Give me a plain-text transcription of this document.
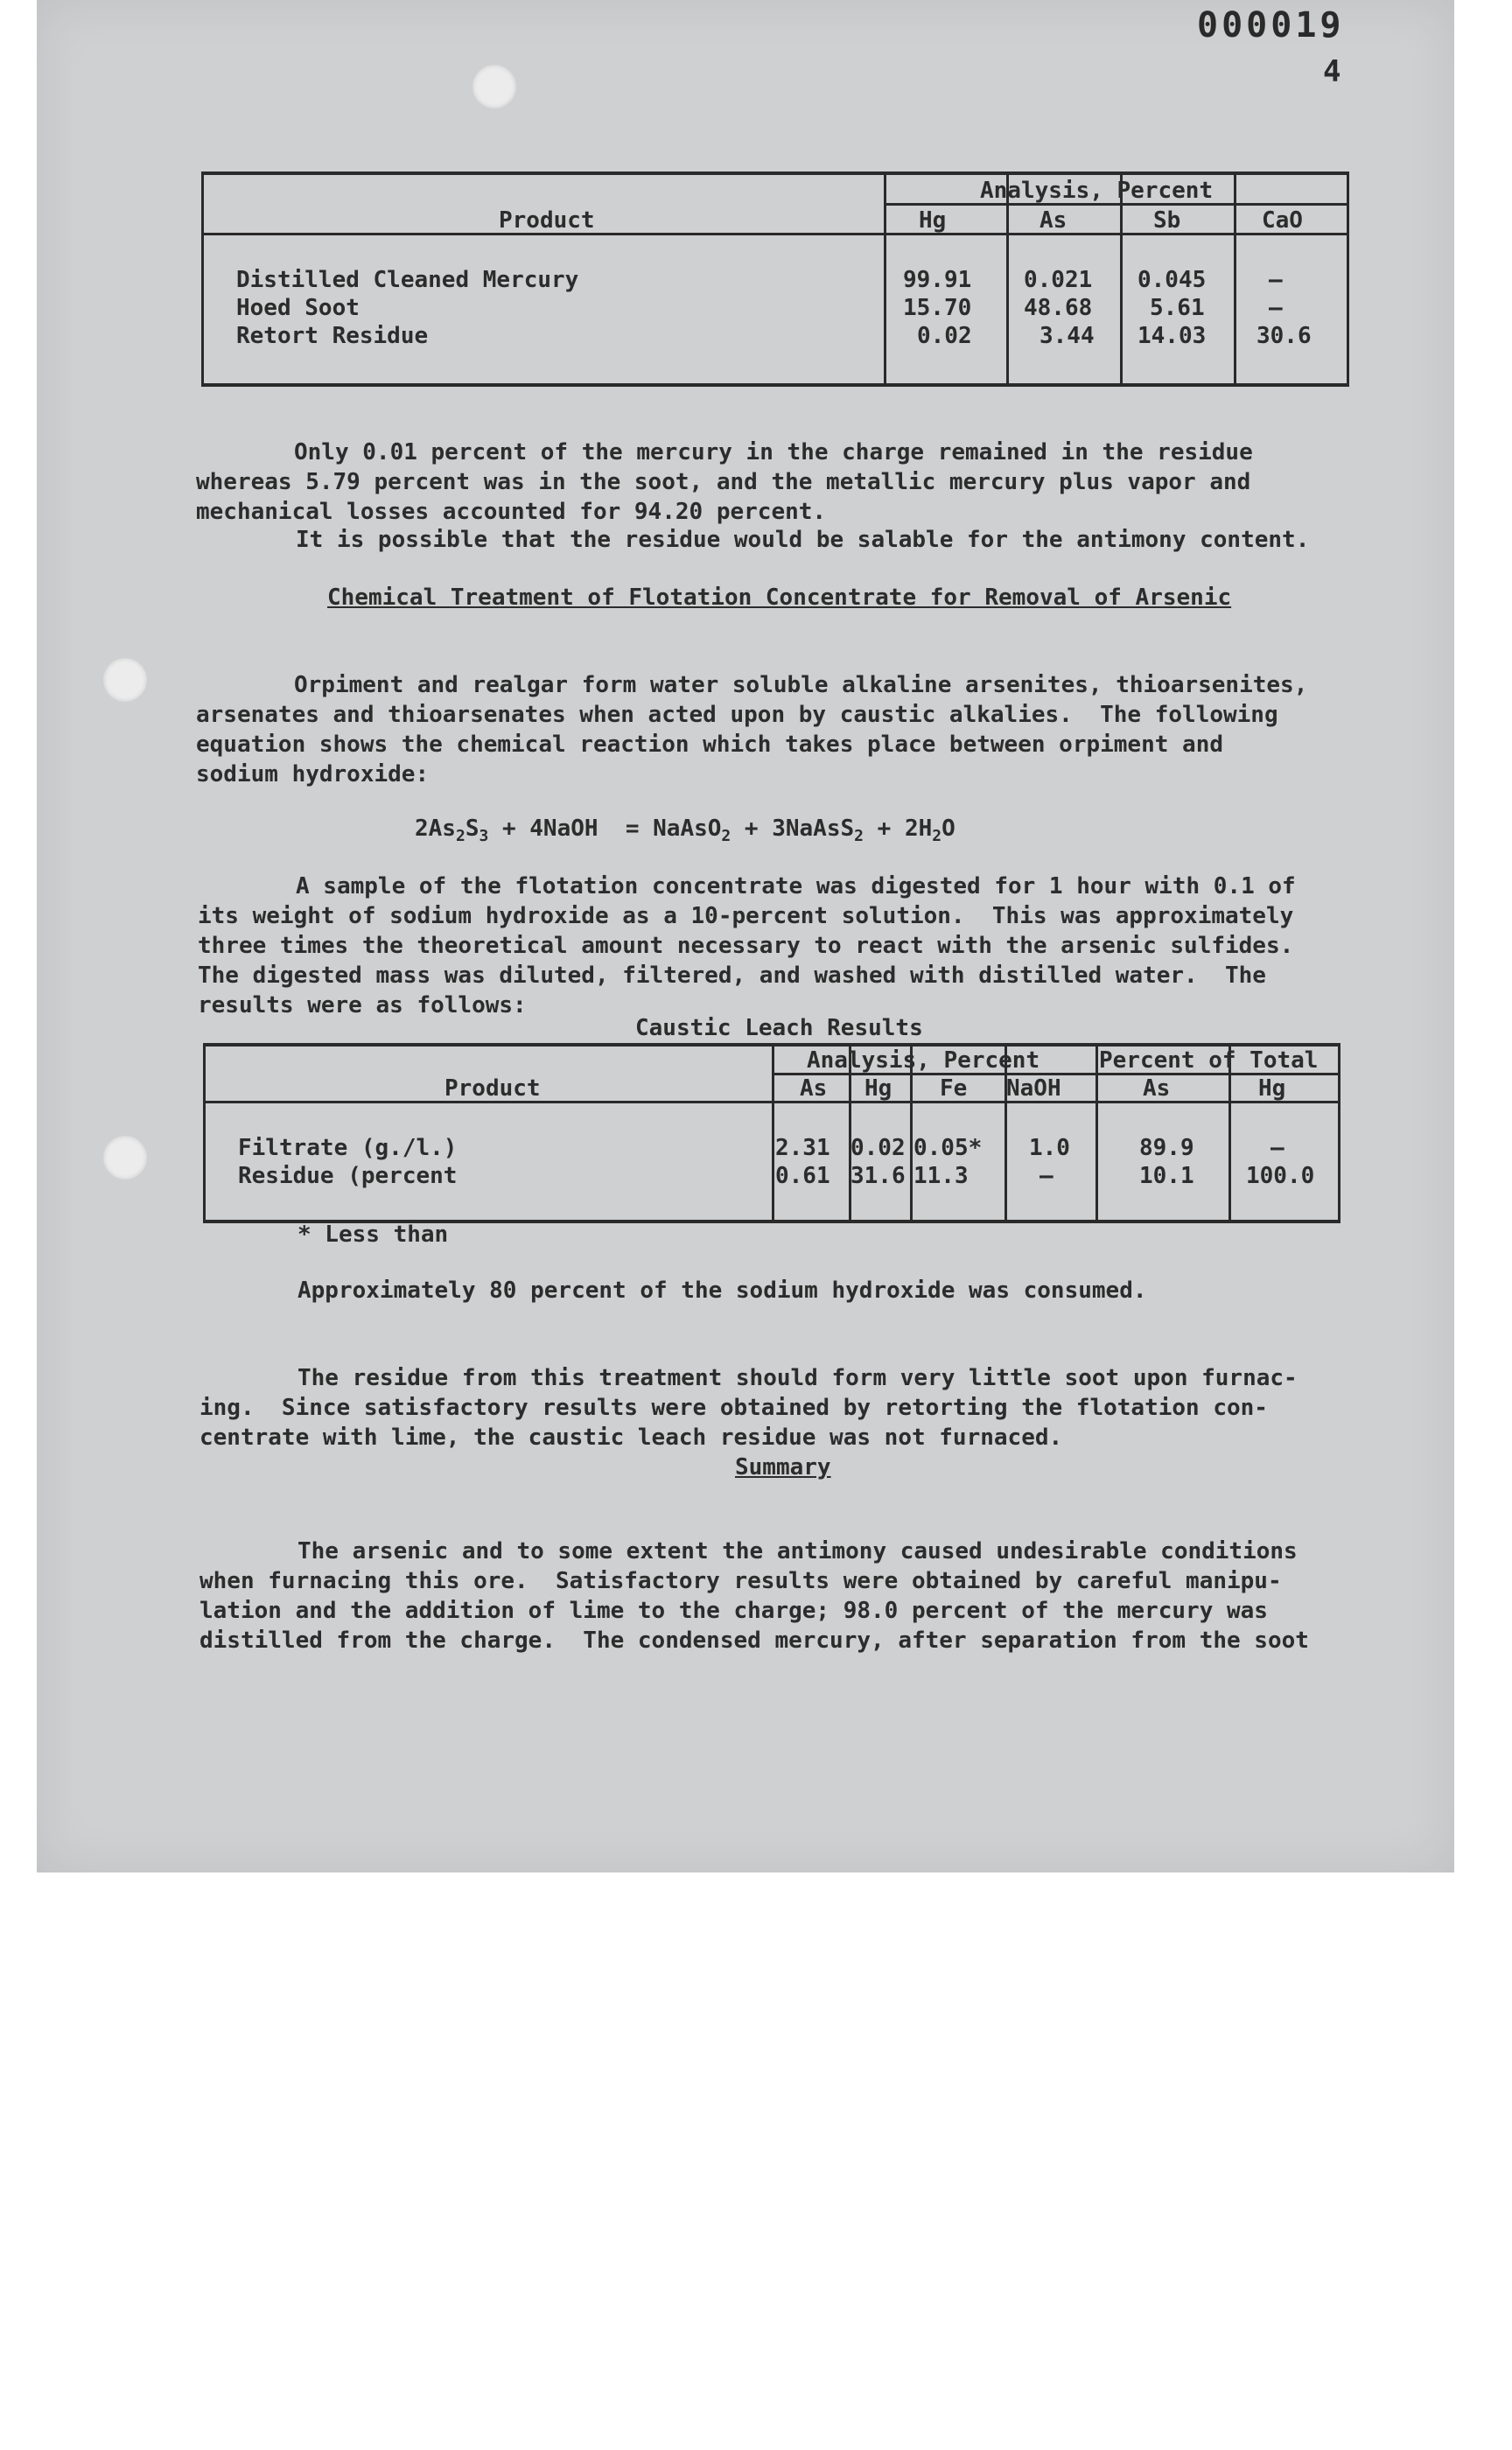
000019
4
Analysis, Percent
Product	Hg	As	Sb	CaO
Distilled Cleaned Mercury	99.91 0.021 0.045	—
Hoed Soot	15.70 48.68	5.61	—
Retort Residue	0.02	3.44 14.03 30.6

Only 0.01 percent of the mercury in the charge remained in the residue
whereas 5.79 percent was in the soot, and the metallic mercury plus vapor and
mechanical losses accounted for 94.20 percent.
It is possible that the residue would be salable for the antimony content.
Chemical Treatment of Flotation Concentrate for Removal of Arsenic

Orpiment and realgar form water soluble alkaline arsenites, thioarsenites,
arsenates and thioarsenates when acted upon by caustic alkalies.  The following
equation shows the chemical reaction which takes place between orpiment and
sodium hydroxide:

$2As_2S_3$ + 4NaOH  = NaAsO$_2$ + 3NaAsS$_2$ + $2H_2O$

A sample of the flotation concentrate was digested for 1 hour with 0.1 of
its weight of sodium hydroxide as a 10-percent solution.  This was approximately
three times the theoretical amount necessary to react with the arsenic sulfides.
The digested mass was diluted, filtered, and washed with distilled water.  The
results were as follows:
Caustic Leach Results
Analysis, Percent	Percent of Total
Product	As Hg Fe NaOH	As	Hg
Filtrate (g./l.)	2.31 0.02 0.05* 1.0	89.9	—
Residue (percent	0.61 31.6 11.3	—	10.1 100.0
* Less than
Approximately 80 percent of the sodium hydroxide was consumed.

The residue from this treatment should form very little soot upon furnac-
ing.  Since satisfactory results were obtained by retorting the flotation con-
centrate with lime, the caustic leach residue was not furnaced.
Summary

The arsenic and to some extent the antimony caused undesirable conditions
when furnacing this ore.  Satisfactory results were obtained by careful manipu-
lation and the addition of lime to the charge; 98.0 percent of the mercury was
distilled from the charge.  The condensed mercury, after separation from the soot
